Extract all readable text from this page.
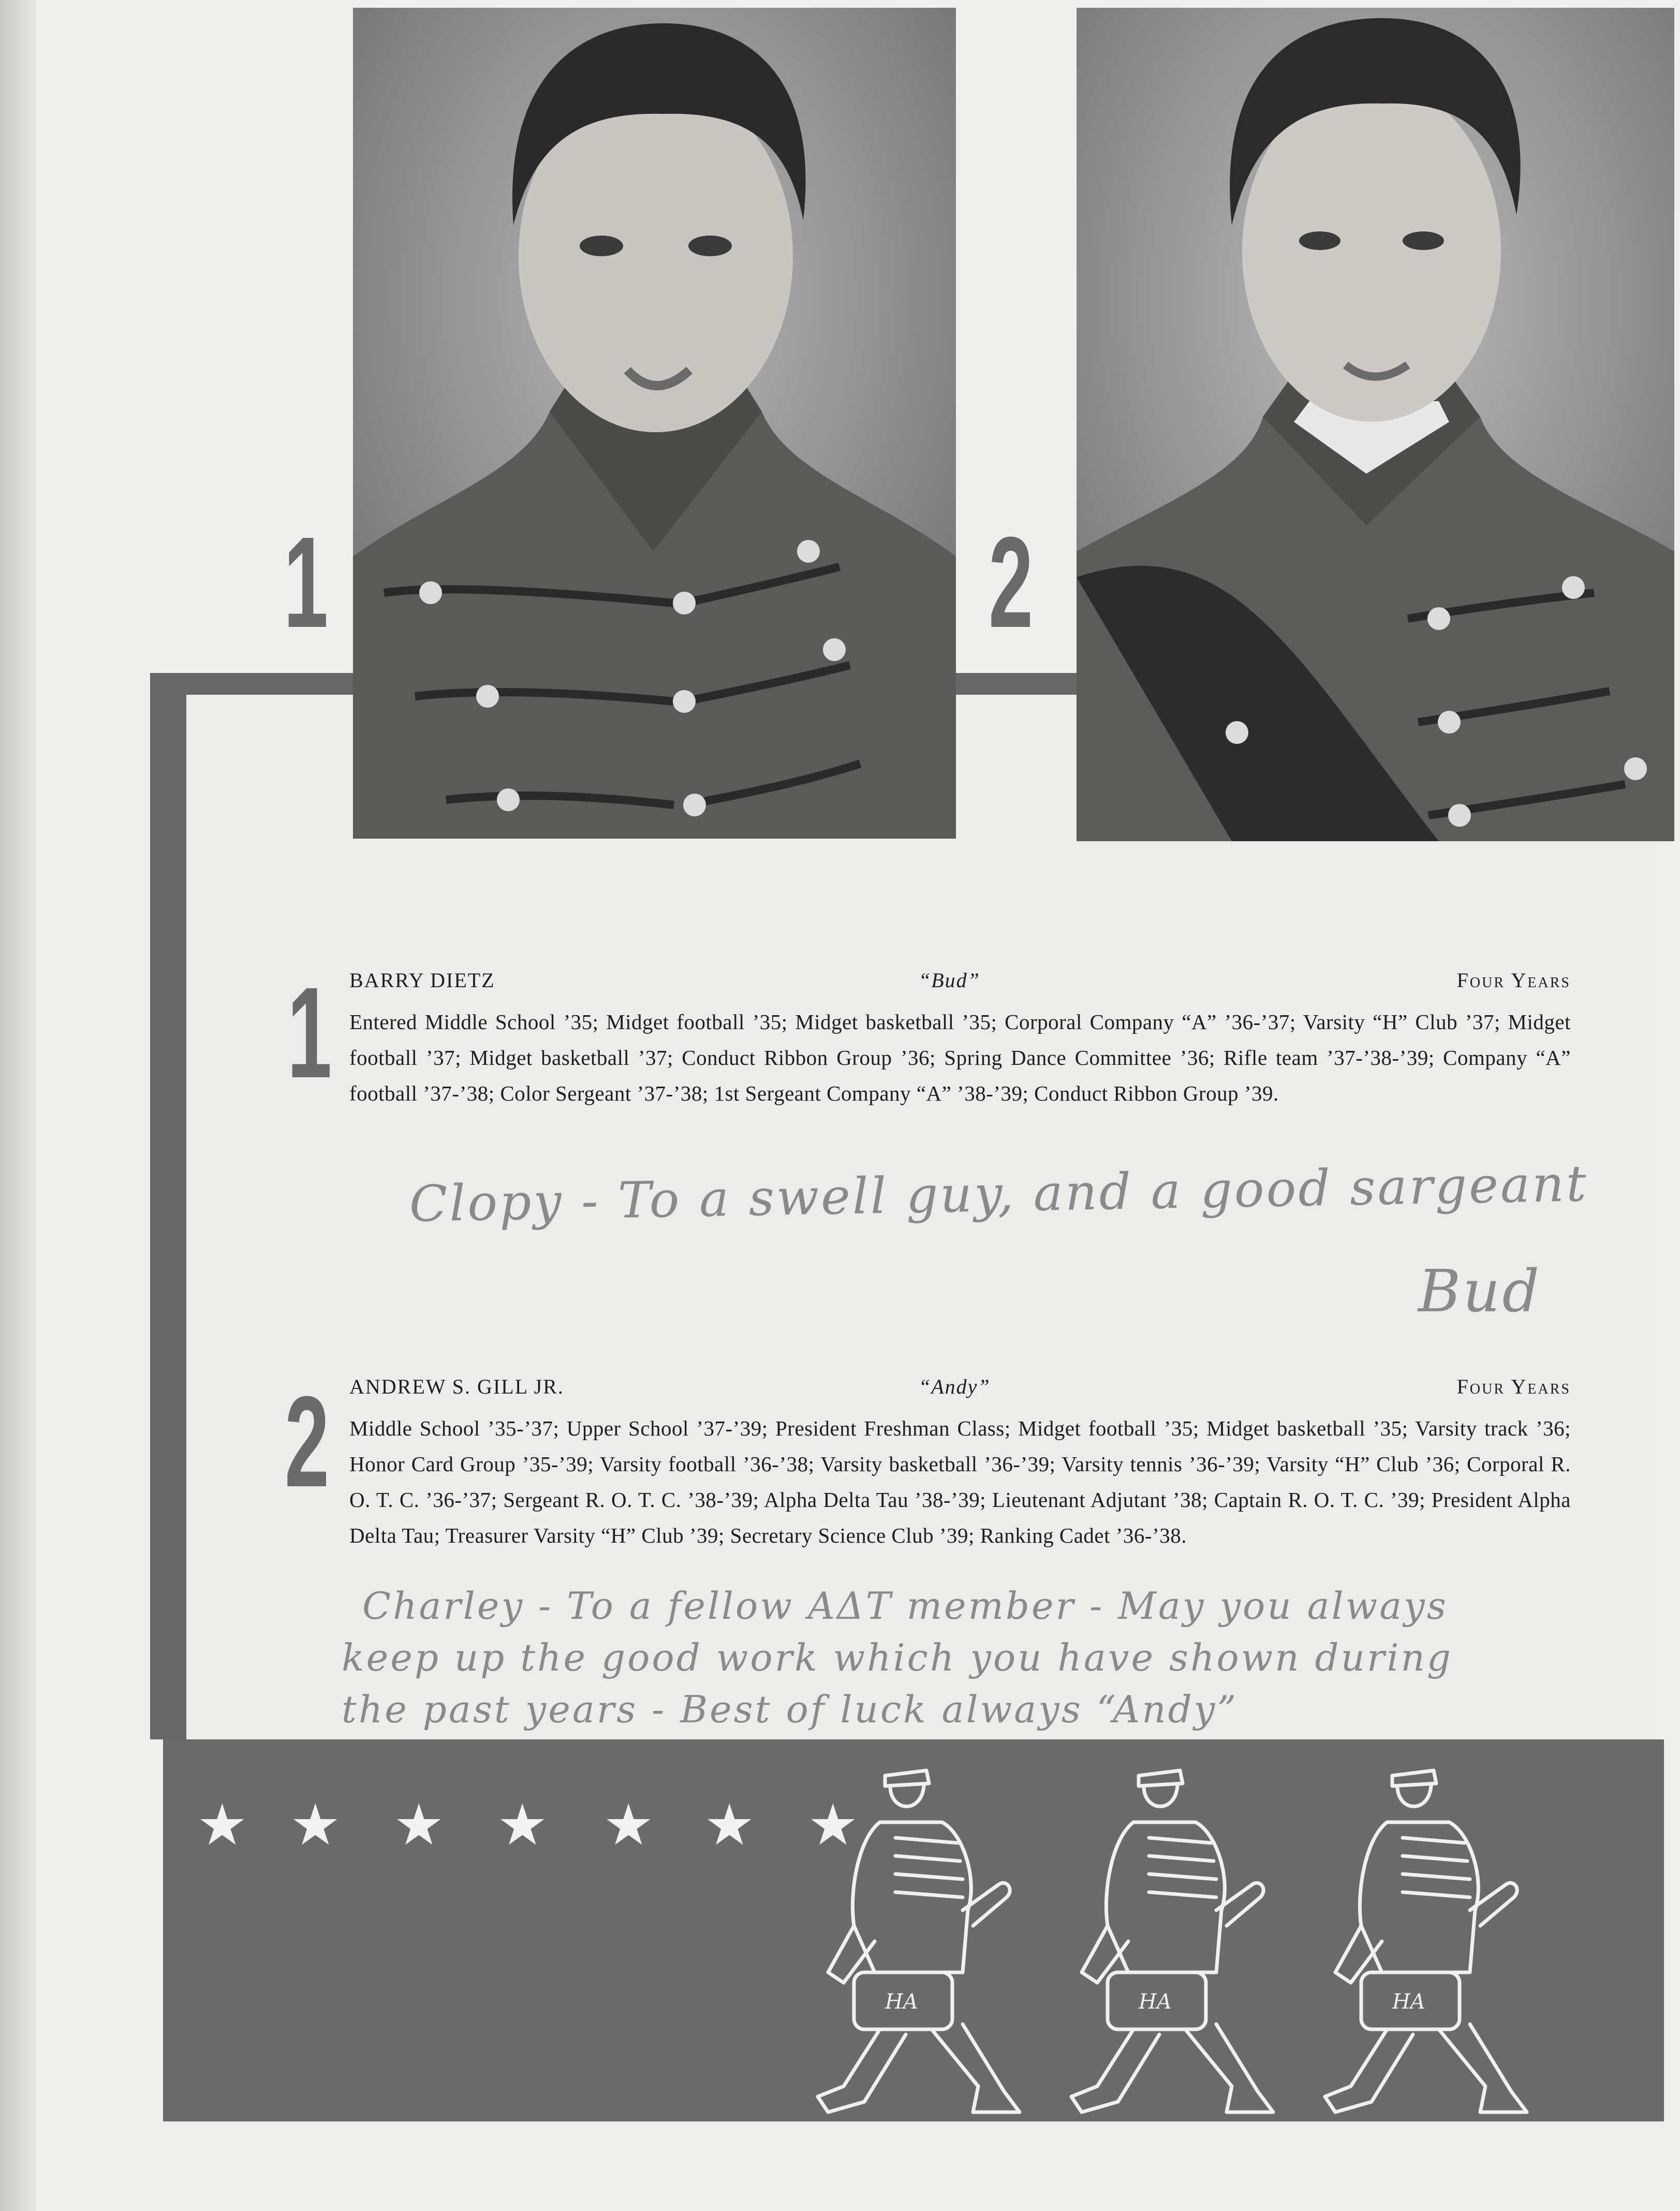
1	2
1 BARRY DIETZ	“Bud”	Four Years
Entered Middle School ’35; Midget football ’35; Midget basketball ’35; Corporal Company “A” ’36-’37; Varsity “H” Club ’37; Midget football ’37; Midget basketball ’37; Conduct Ribbon Group ’36; Spring Dance Committee ’36; Rifle team ’37-’38-’39; Company “A” football ’37-’38; Color Sergeant ’37-’38; 1st Sergeant Company “A” ’38-’39; Conduct Ribbon Group ’39.
Clopy - To a swell guy, and a good sargeant
Bud
2 ANDREW S. GILL JR.	“Andy”	Four Years
Middle School ’35-’37; Upper School ’37-’39; President Freshman Class; Midget football ’35; Midget basketball ’35; Varsity track ’36; Honor Card Group ’35-’39; Varsity football ’36-’38; Varsity basketball ’36-’39; Varsity tennis ’36-’39; Varsity “H” Club ’36; Corporal R. O. T. C. ’36-’37; Sergeant R. O. T. C. ’38-’39; Alpha Delta Tau ’38-’39; Lieutenant Adjutant ’38; Captain R. O. T. C. ’39; President Alpha Delta Tau; Treasurer Varsity “H” Club ’39; Secretary Science Club ’39; Ranking Cadet ’36-’38.
Charley - To a fellow AΔT member - May you always
keep up the good work which you have shown during
the past years - Best of luck always “Andy”
★ ★ ★ ★ ★ ★ ★
HA	HA	HA
